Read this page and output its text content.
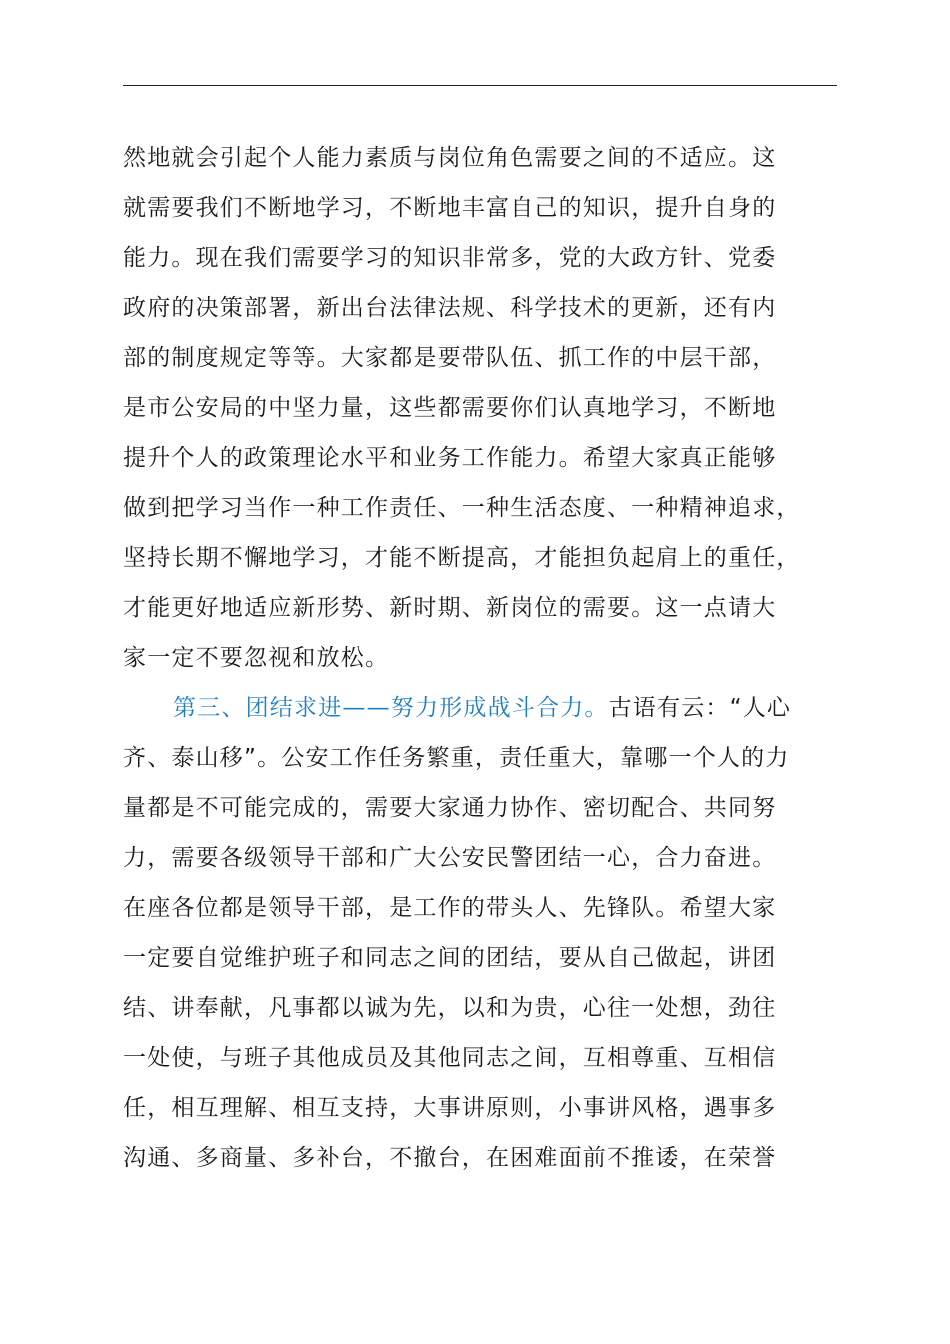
然地就会引起个人能力素质与岗位角色需要之间的不适应。这
就需要我们不断地学习，不断地丰富自己的知识，提升自身的
能力。现在我们需要学习的知识非常多，党的大政方针、党委
政府的决策部署，新出台法律法规、科学技术的更新，还有内
部的制度规定等等。大家都是要带队伍、抓工作的中层干部，
是市公安局的中坚力量，这些都需要你们认真地学习，不断地
提升个人的政策理论水平和业务工作能力。希望大家真正能够
做到把学习当作一种工作责任、一种生活态度、一种精神追求，
坚持长期不懈地学习，才能不断提高，才能担负起肩上的重任，
才能更好地适应新形势、新时期、新岗位的需要。这一点请大
家一定不要忽视和放松。
第三、团结求进——努力形成战斗合力。古语有云：“人心
齐、泰山移”。公安工作任务繁重，责任重大，靠哪一个人的力
量都是不可能完成的，需要大家通力协作、密切配合、共同努
力，需要各级领导干部和广大公安民警团结一心，合力奋进。
在座各位都是领导干部，是工作的带头人、先锋队。希望大家
一定要自觉维护班子和同志之间的团结，要从自己做起，讲团
结、讲奉献，凡事都以诚为先，以和为贵，心往一处想，劲往
一处使，与班子其他成员及其他同志之间，互相尊重、互相信
任，相互理解、相互支持，大事讲原则，小事讲风格，遇事多
沟通、多商量、多补台，不撤台，在困难面前不推诿，在荣誉
